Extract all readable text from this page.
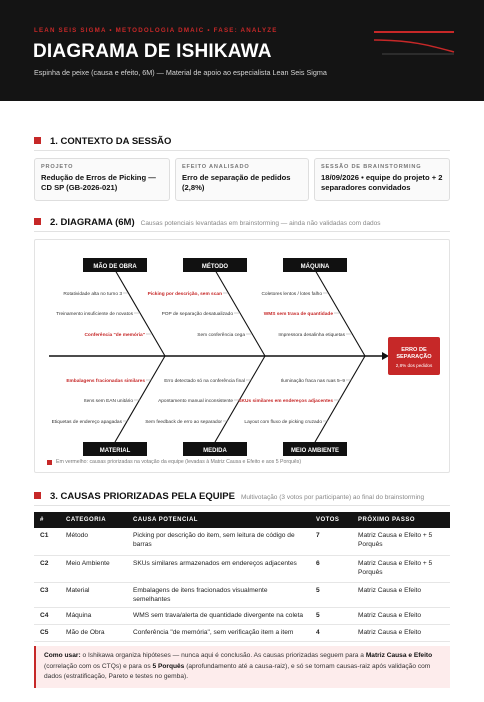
LEAN SEIS SIGMA • METODOLOGIA DMAIC • FASE: ANALYZE
DIAGRAMA DE ISHIKAWA
Espinha de peixe (causa e efeito, 6M) — Material de apoio ao especialista Lean Seis Sigma
1. CONTEXTO DA SESSÃO
PROJETO
Redução de Erros de Picking — CD SP (GB-2026-021)
EFEITO ANALISADO
Erro de separação de pedidos (2,8%)
SESSÃO DE BRAINSTORMING
18/09/2026 • equipe do projeto + 2 separadores convidados
2. DIAGRAMA (6M) Causas potenciais levantadas em brainstorming — ainda não validadas com dados
MÃO DE OBRA	MÉTODO	MÁQUINA
MATERIAL	MEDIDA	MEIO AMBIENTE
Rotatividade alta no turno 3
Treinamento insuficiente de novatos
Conferência "de memória"
Picking por descrição, sem scan
POP de separação desatualizado
Sem conferência cega
Coletores lentos / lotes falho
WMS sem trava de quantidade
Impressora desalinha etiquetas
Embalagens fracionadas similares
Itens sem EAN unitário
Etiquetas de endereço apagadas
Erro detectado só na conferência final
Apontamento manual inconsistente
Sem feedback de erro ao separador
Iluminação fraca nas ruas 5–9
SKUs similares em endereços adjacentes
Layout com fluxo de picking cruzado
ERRO DE
SEPARAÇÃO
2,8% dos pedidos
Em vermelho: causas priorizadas na votação da equipe (levadas à Matriz Causa e Efeito e aos 5 Porquês)
3. CAUSAS PRIORIZADAS PELA EQUIPE Multivotação (3 votos por participante) ao final do brainstorming
#	CATEGORIA	CAUSA POTENCIAL	VOTOS	PRÓXIMO PASSO
C1	Método	Picking por descrição do item, sem leitura de código de barras	7	Matriz Causa e Efeito + 5 Porquês
C2	Meio Ambiente	SKUs similares armazenados em endereços adjacentes	6	Matriz Causa e Efeito + 5 Porquês
C3	Material	Embalagens de itens fracionados visualmente semelhantes	5	Matriz Causa e Efeito
C4	Máquina	WMS sem trava/alerta de quantidade divergente na coleta	5	Matriz Causa e Efeito
C5	Mão de Obra	Conferência "de memória", sem verificação item a item	4	Matriz Causa e Efeito
Como usar: o Ishikawa organiza hipóteses — nunca aqui é conclusão. As causas priorizadas seguem para a Matriz Causa e Efeito (correlação com os CTQs) e para os 5 Porquês (aprofundamento até a causa-raiz), e só se tornam causas-raiz após validação com dados (estratificação, Pareto e testes no gemba).
